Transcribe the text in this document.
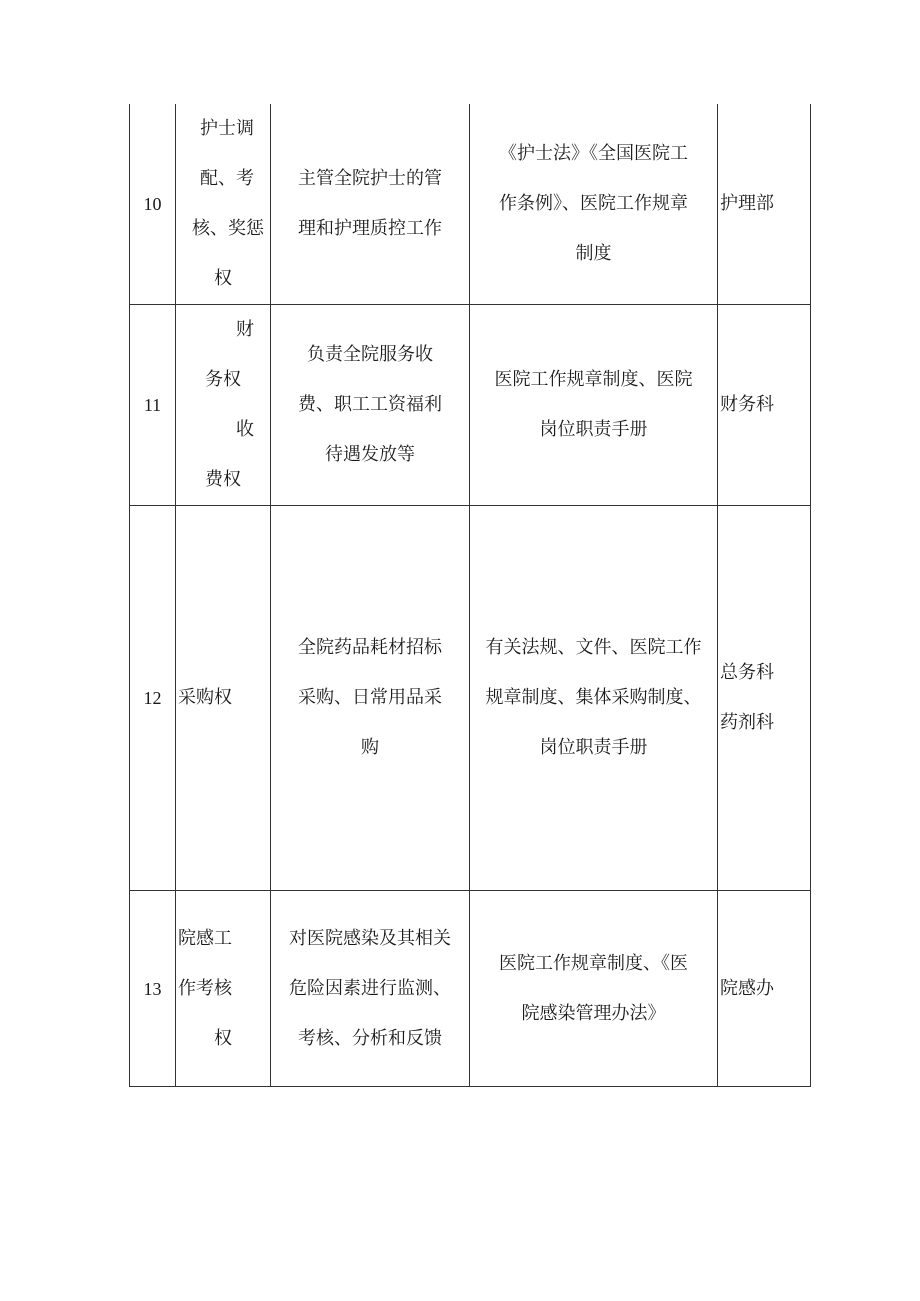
10	护士调
配、考
核、奖惩
权	主管全院护士的管
理和护理质控工作	《护士法》《全国医院工
作条例》、医院工作规章
制度	护理部

11	财
务权
收
费权	负责全院服务收
费、职工工资福利
待遇发放等	医院工作规章制度、医院
岗位职责手册	财务科

12	采购权	全院药品耗材招标
采购、日常用品采
购	有关法规、文件、医院工作
规章制度、集体采购制度、
岗位职责手册	总务科
药剂科

13	院感工
作考核
权	对医院感染及其相关
危险因素进行监测、
考核、分析和反馈	医院工作规章制度、《医
院感染管理办法》	院感办
